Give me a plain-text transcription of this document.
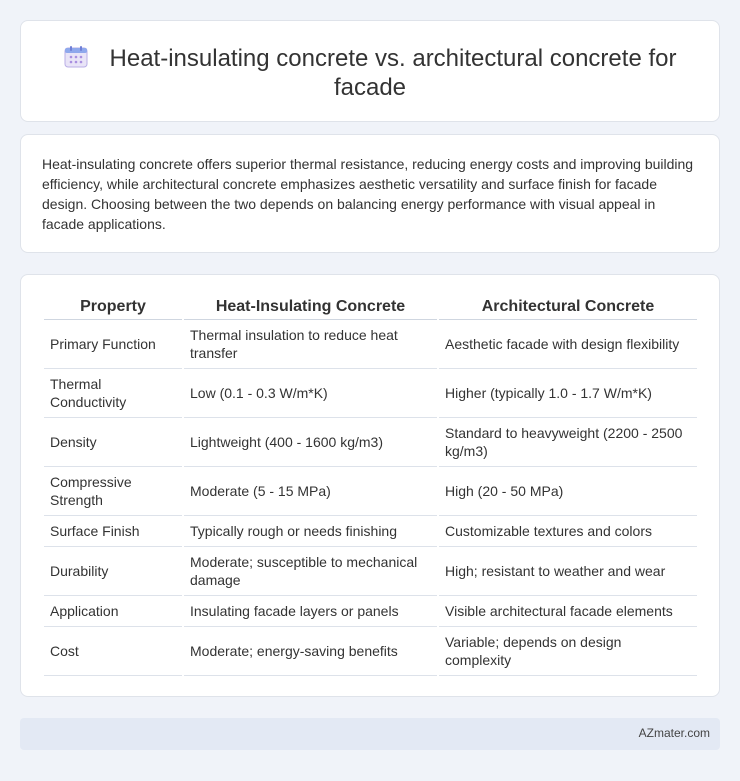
Heat-insulating concrete vs. architectural concrete for facade

Heat-insulating concrete offers superior thermal resistance, reducing energy costs and improving building efficiency, while architectural concrete emphasizes aesthetic versatility and surface finish for facade design. Choosing between the two depends on balancing energy performance with visual appeal in facade applications.

Property	Heat-Insulating Concrete	Architectural Concrete
Primary Function	Thermal insulation to reduce heat transfer	Aesthetic facade with design flexibility
Thermal Conductivity	Low (0.1 - 0.3 W/m*K)	Higher (typically 1.0 - 1.7 W/m*K)
Density	Lightweight (400 - 1600 kg/m3)	Standard to heavyweight (2200 - 2500 kg/m3)
Compressive Strength	Moderate (5 - 15 MPa)	High (20 - 50 MPa)
Surface Finish	Typically rough or needs finishing	Customizable textures and colors
Durability	Moderate; susceptible to mechanical damage	High; resistant to weather and wear
Application	Insulating facade layers or panels	Visible architectural facade elements
Cost	Moderate; energy-saving benefits	Variable; depends on design complexity
AZmater.com
